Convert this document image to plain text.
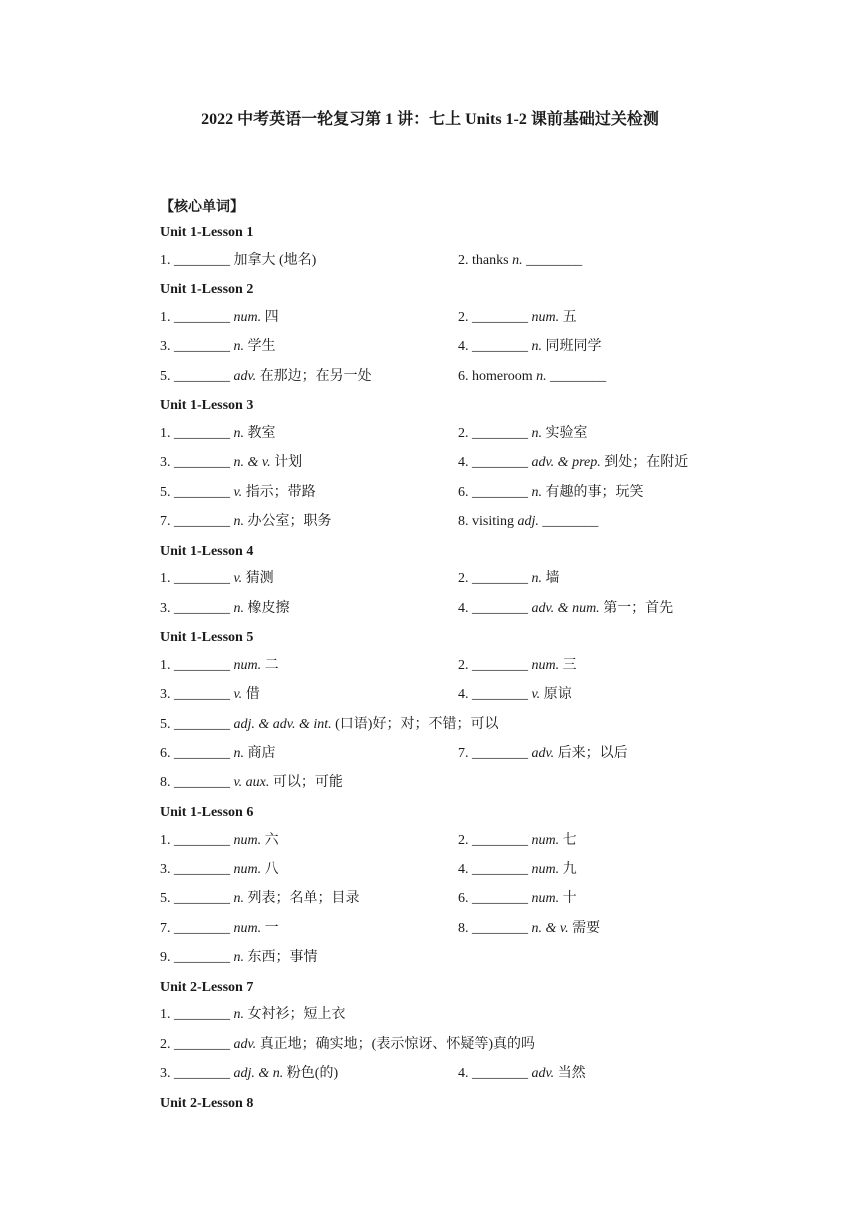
2022 中考英语一轮复习第 1 讲：七上 Units 1-2 课前基础过关检测
【核心单词】
Unit 1-Lesson 1
1. ________ 加拿大 (地名)	2. thanks n. ________
Unit 1-Lesson 2
1. ________ num. 四	2. ________ num. 五
3. ________ n. 学生	4. ________ n. 同班同学
5. ________ adv. 在那边；在另一处	6. homeroom n. ________
Unit 1-Lesson 3
1. ________ n. 教室	2. ________ n. 实验室
3. ________ n. & v. 计划	4. ________ adv. & prep. 到处；在附近
5. ________ v. 指示；带路	6. ________ n. 有趣的事；玩笑
7. ________ n. 办公室；职务	8. visiting adj. ________
Unit 1-Lesson 4
1. ________ v. 猜测	2. ________ n. 墙
3. ________ n. 橡皮擦	4. ________ adv. & num. 第一；首先
Unit 1-Lesson 5
1. ________ num. 二	2. ________ num. 三
3. ________ v. 借	4. ________ v. 原谅
5. ________ adj. & adv. & int. (口语)好；对；不错；可以
6. ________ n. 商店	7. ________ adv. 后来；以后
8. ________ v. aux. 可以；可能
Unit 1-Lesson 6
1. ________ num. 六	2. ________ num. 七
3. ________ num. 八	4. ________ num. 九
5. ________ n. 列表；名单；目录	6. ________ num. 十
7. ________ num. 一	8. ________ n. & v. 需要
9. ________ n. 东西；事情
Unit 2-Lesson 7
1. ________ n. 女衬衫；短上衣
2. ________ adv. 真正地；确实地；(表示惊讶、怀疑等)真的吗
3. ________ adj. & n. 粉色(的)	4. ________ adv. 当然
Unit 2-Lesson 8
